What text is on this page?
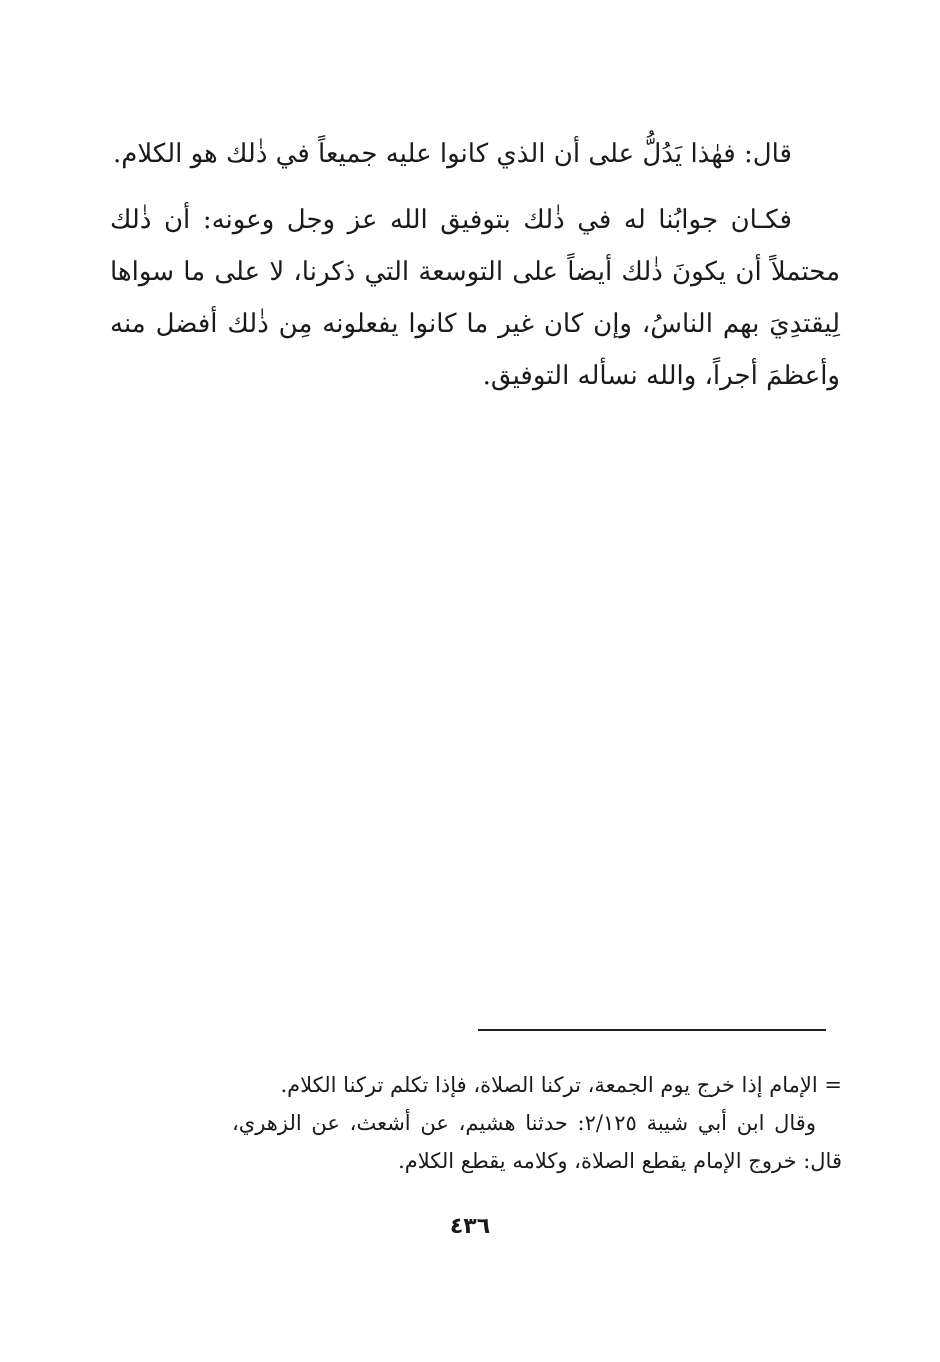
قال: فهٰذا يَدُلُّ على أن الذي كانوا عليه جميعاً في ذٰلك هو الكلام.

فكـان جوابُنا له في ذٰلك بتوفيق الله عز وجل وعونه: أن ذٰلك محتملاً أن يكونَ ذٰلك أيضاً على التوسعة التي ذكرنا، لا على ما سواها لِيقتدِيَ بهم الناسُ، وإن كان غير ما كانوا يفعلونه مِن ذٰلك أفضل منه وأعظمَ أجراً، والله نسأله التوفيق.

= الإمام إذا خرج يوم الجمعة، تركنا الصلاة، فإذا تكلم تركنا الكلام.

وقال ابن أبي شيبة ٢/١٢٥: حدثنا هشيم، عن أشعث، عن الزهري، قال: خروج الإمام يقطع الصلاة، وكلامه يقطع الكلام.

٤٣٦
